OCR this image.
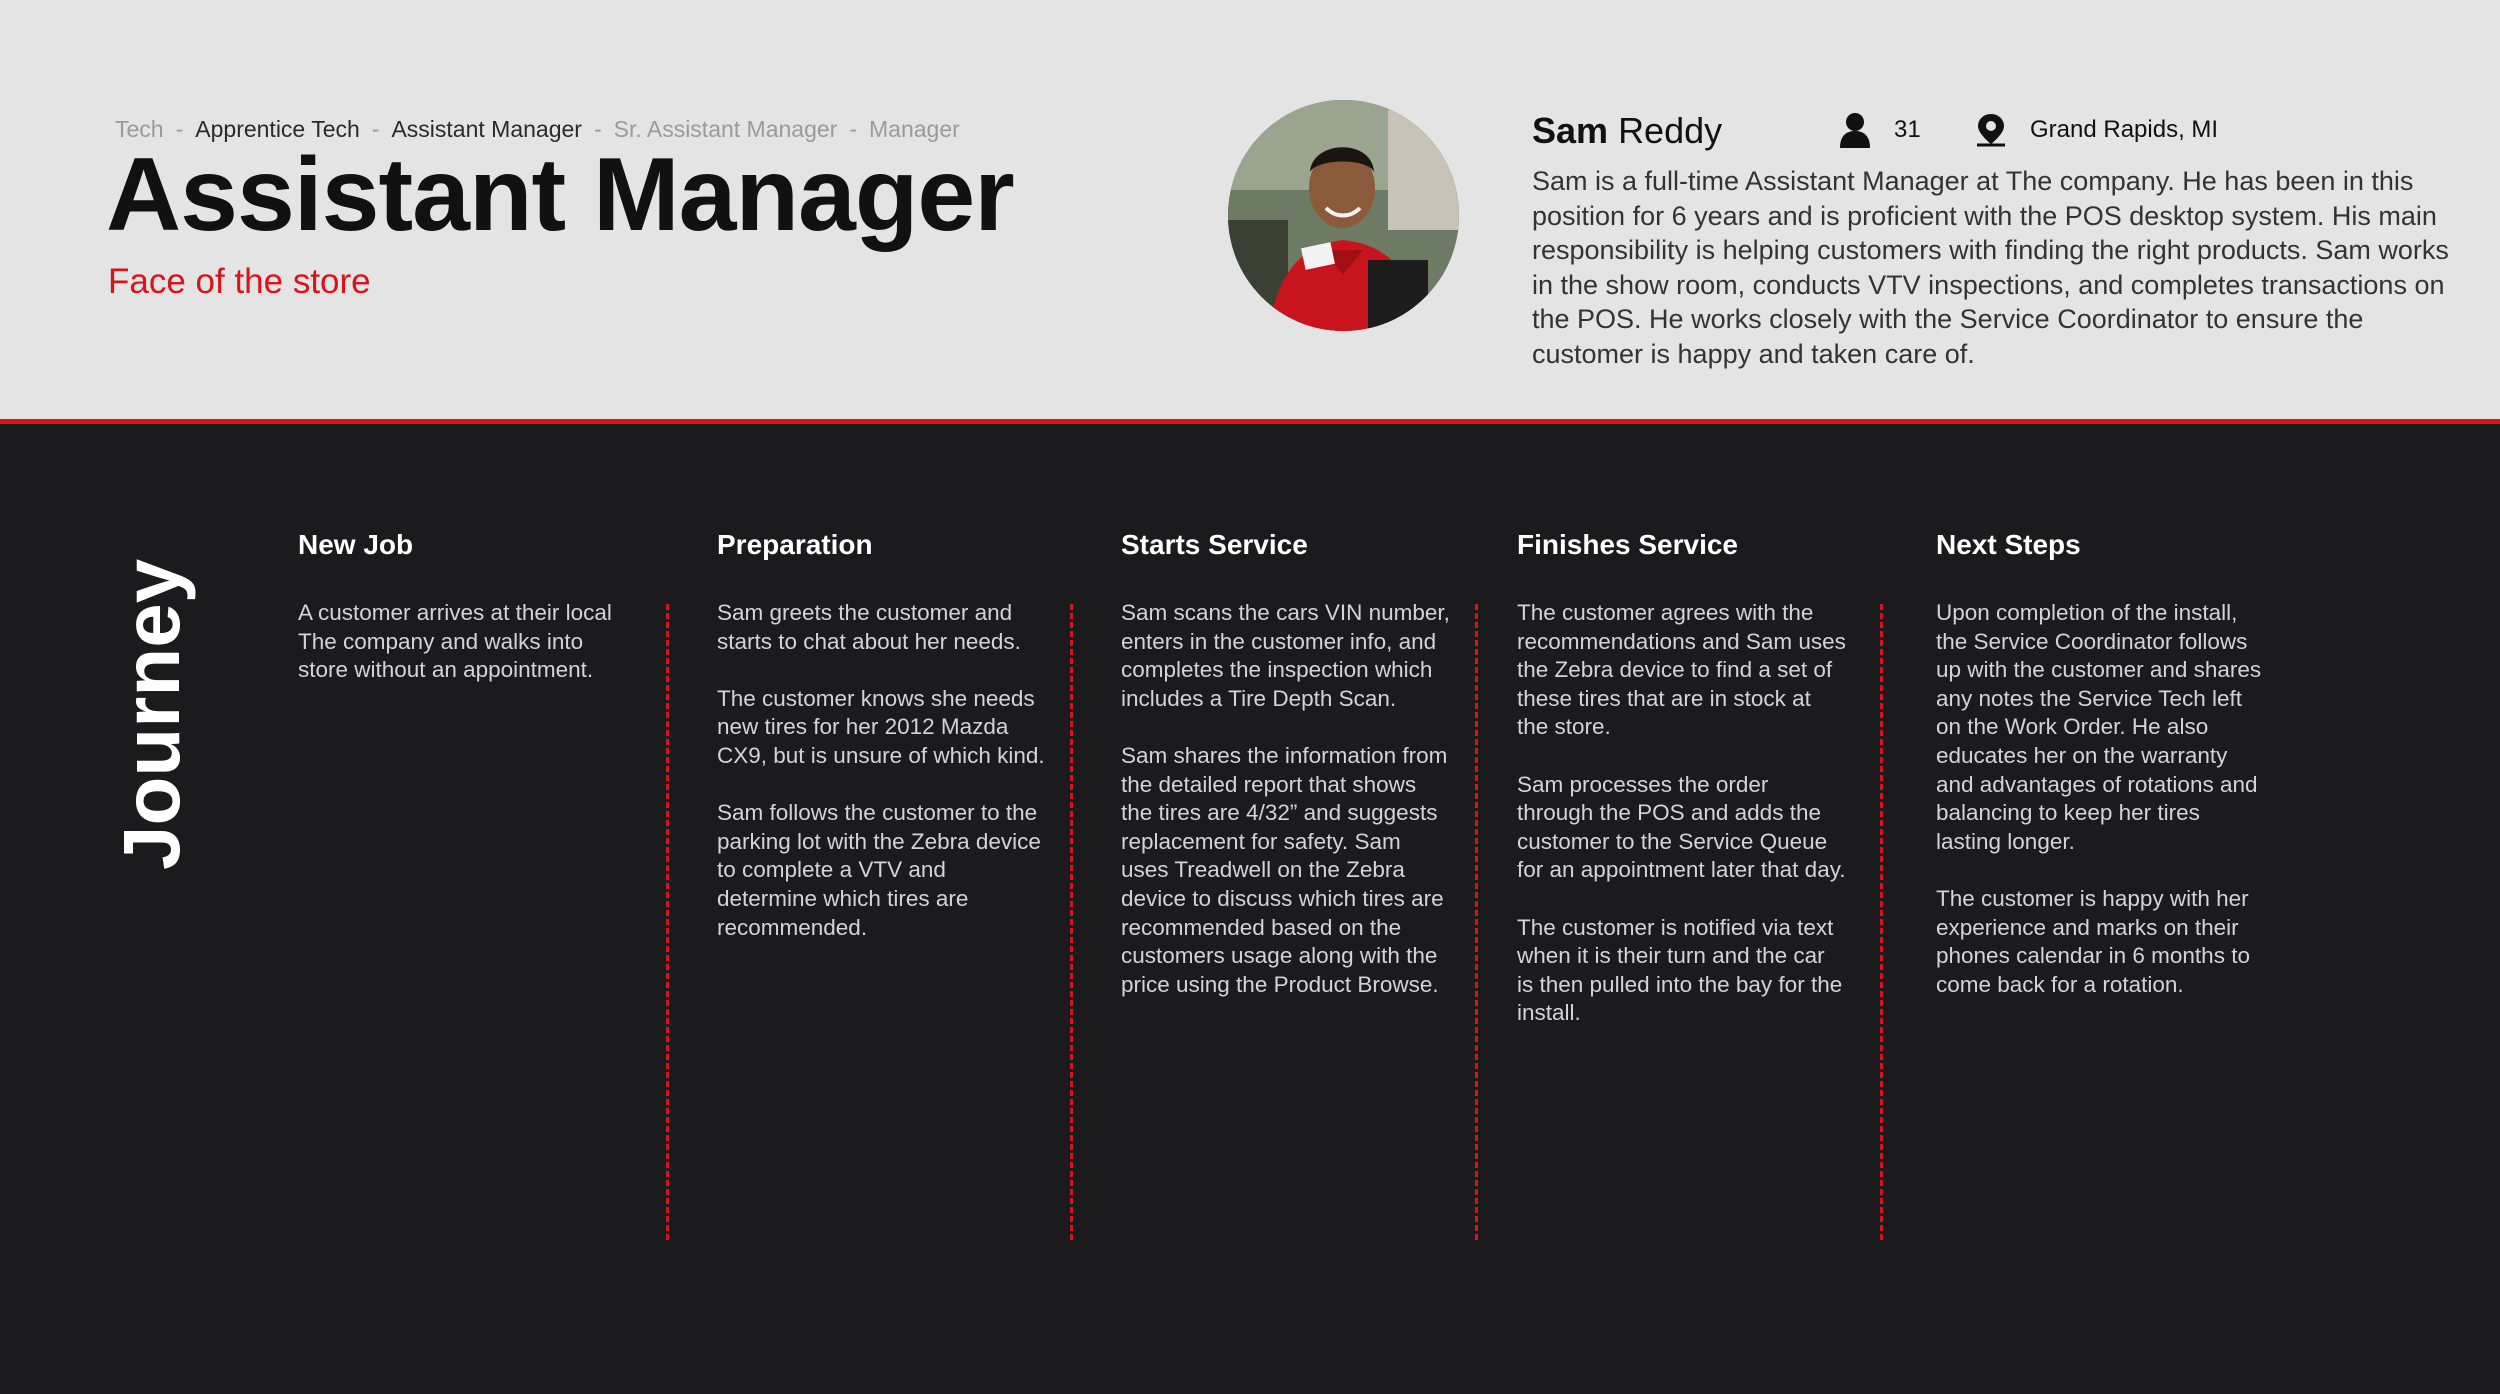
Tech - Apprentice Tech - Assistant Manager - Sr. Assistant Manager - Manager
Assistant Manager
Face of the store
Sam Reddy	31	Grand Rapids, MI
Sam is a full-time Assistant Manager at The company. He has been in this position for 6 years and is proficient with the POS desktop system. His main responsibility is helping customers with finding the right products. Sam works in the show room, conducts VTV inspections, and completes transactions on the POS. He works closely with the Service Coordinator to ensure the customer is happy and taken care of.
Journey
New Job
A customer arrives at their local The company and walks into store without an appointment.
Preparation
Sam greets the customer and starts to chat about her needs.
The customer knows she needs new tires for her 2012 Mazda CX9, but is unsure of which kind.
Sam follows the customer to the parking lot with the Zebra device to complete a VTV and determine which tires are recommended.
Starts Service
Sam scans the cars VIN number, enters in the customer info, and completes the inspection which includes a Tire Depth Scan.
Sam shares the information from the detailed report that shows the tires are 4/32” and suggests replacement for safety. Sam uses Treadwell on the Zebra device to discuss which tires are recommended based on the customers usage along with the price using the Product Browse.
Finishes Service
The customer agrees with the recommendations and Sam uses the Zebra device to find a set of these tires that are in stock at the store.
Sam processes the order through the POS and adds the customer to the Service Queue for an appointment later that day.
The customer is notified via text when it is their turn and the car is then pulled into the bay for the install.
Next Steps
Upon completion of the install, the Service Coordinator follows up with the customer and shares any notes the Service Tech left on the Work Order. He also educates her on the warranty and advantages of rotations and balancing to keep her tires lasting longer.
The customer is happy with her experience and marks on their phones calendar in 6 months to come back for a rotation.
